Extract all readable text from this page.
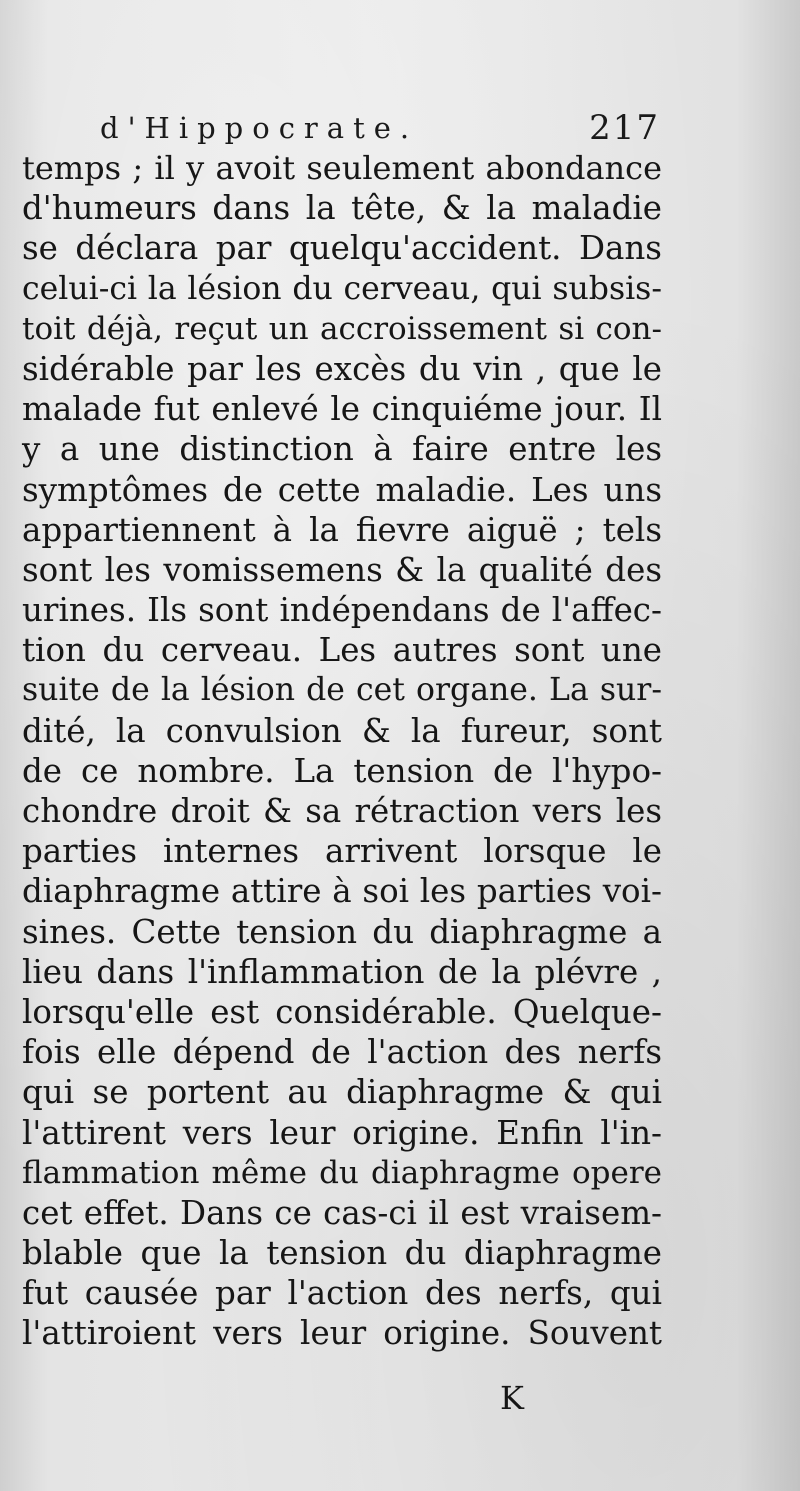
d'Hippocrate.	217
temps ; il y avoit seulement abondance
d'humeurs dans la tête, & la maladie
se déclara par quelqu'accident. Dans
celui-ci la lésion du cerveau, qui subsis-
toit déjà, reçut un accroissement si con-
sidérable par les excès du vin , que le
malade fut enlevé le cinquiéme jour. Il
y a une distinction à faire entre les
symptômes de cette maladie. Les uns
appartiennent à la fievre aiguë ; tels
sont les vomissemens & la qualité des
urines. Ils sont indépendans de l'affec-
tion du cerveau. Les autres sont une
suite de la lésion de cet organe. La sur-
dité, la convulsion & la fureur, sont
de ce nombre. La tension de l'hypo-
chondre droit & sa rétraction vers les
parties internes arrivent lorsque le
diaphragme attire à soi les parties voi-
sines. Cette tension du diaphragme a
lieu dans l'inflammation de la plévre ,
lorsqu'elle est considérable. Quelque-
fois elle dépend de l'action des nerfs
qui se portent au diaphragme & qui
l'attirent vers leur origine. Enfin l'in-
flammation même du diaphragme opere
cet effet. Dans ce cas-ci il est vraisem-
blable que la tension du diaphragme
fut causée par l'action des nerfs, qui
l'attiroient vers leur origine. Souvent
K
